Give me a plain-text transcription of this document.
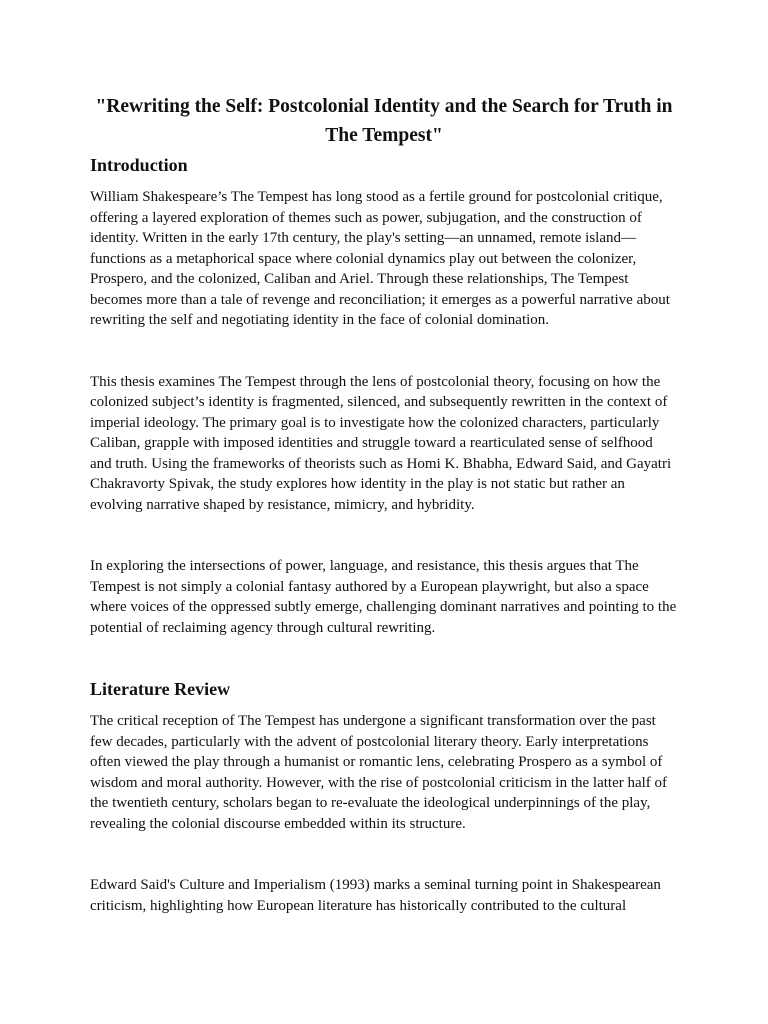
"Rewriting the Self: Postcolonial Identity and the Search for Truth in The Tempest"
Introduction

William Shakespeare’s The Tempest has long stood as a fertile ground for postcolonial critique, offering a layered exploration of themes such as power, subjugation, and the construction of identity. Written in the early 17th century, the play's setting—an unnamed, remote island—functions as a metaphorical space where colonial dynamics play out between the colonizer, Prospero, and the colonized, Caliban and Ariel. Through these relationships, The Tempest becomes more than a tale of revenge and reconciliation; it emerges as a powerful narrative about rewriting the self and negotiating identity in the face of colonial domination.

This thesis examines The Tempest through the lens of postcolonial theory, focusing on how the colonized subject’s identity is fragmented, silenced, and subsequently rewritten in the context of imperial ideology. The primary goal is to investigate how the colonized characters, particularly Caliban, grapple with imposed identities and struggle toward a rearticulated sense of selfhood and truth. Using the frameworks of theorists such as Homi K. Bhabha, Edward Said, and Gayatri Chakravorty Spivak, the study explores how identity in the play is not static but rather an evolving narrative shaped by resistance, mimicry, and hybridity.

In exploring the intersections of power, language, and resistance, this thesis argues that The Tempest is not simply a colonial fantasy authored by a European playwright, but also a space where voices of the oppressed subtly emerge, challenging dominant narratives and pointing to the potential of reclaiming agency through cultural rewriting.

Literature Review

The critical reception of The Tempest has undergone a significant transformation over the past few decades, particularly with the advent of postcolonial literary theory. Early interpretations often viewed the play through a humanist or romantic lens, celebrating Prospero as a symbol of wisdom and moral authority. However, with the rise of postcolonial criticism in the latter half of the twentieth century, scholars began to re-evaluate the ideological underpinnings of the play, revealing the colonial discourse embedded within its structure.

Edward Said's Culture and Imperialism (1993) marks a seminal turning point in Shakespearean criticism, highlighting how European literature has historically contributed to the cultural
